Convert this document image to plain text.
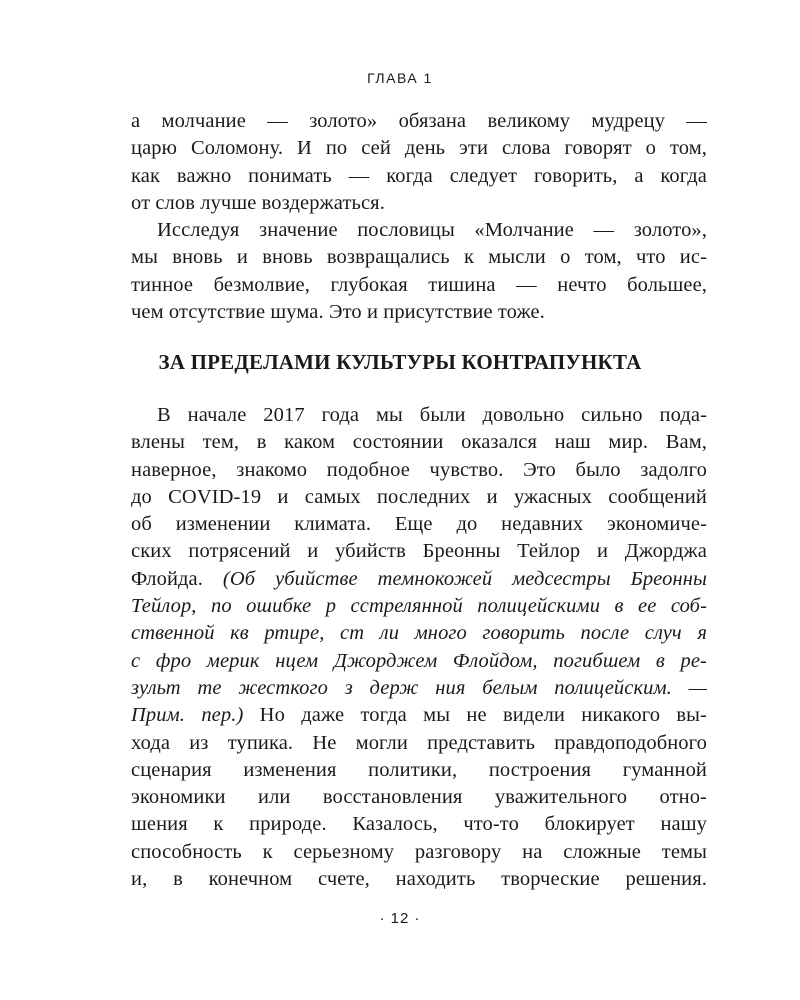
ГЛАВА 1
а молчание — золото» обязана великому мудрецу —
царю Соломону. И по сей день эти слова говорят о том,
как важно понимать — когда следует говорить, а когда
от слов лучше воздержаться.
Исследуя значение пословицы «Молчание — золото»,
мы вновь и вновь возвращались к мысли о том, что ис-
тинное безмолвие, глубокая тишина — нечто большее,
чем отсутствие шума. Это и присутствие тоже.
ЗА ПРЕДЕЛАМИ КУЛЬТУРЫ КОНТРАПУНКТА
В начале 2017 года мы были довольно сильно пода-
влены тем, в каком состоянии оказался наш мир. Вам,
наверное, знакомо подобное чувство. Это было задолго
до COVID-19 и самых последних и ужасных сообщений
об изменении климата. Еще до недавних экономиче-
ских потрясений и убийств Бреонны Тейлор и Джорджа
Флойда. (Об убийстве темнокожей медсестры Бреонны
Тейлор, по ошибке р сстрелянной полицейскими в ее соб-
ственной кв ртире, ст ли много говорить после случ я
с фро мерик нцем Джорджем Флойдом, погибшем в ре-
зульт те жесткого з держ ния белым полицейским. —
Прим. пер.) Но даже тогда мы не видели никакого вы-
хода из тупика. Не могли представить правдоподобного
сценария изменения политики, построения гуманной
экономики или восстановления уважительного отно-
шения к природе. Казалось, что-то блокирует нашу
способность к серьезному разговору на сложные темы
и, в конечном счете, находить творческие решения.
· 12 ·
